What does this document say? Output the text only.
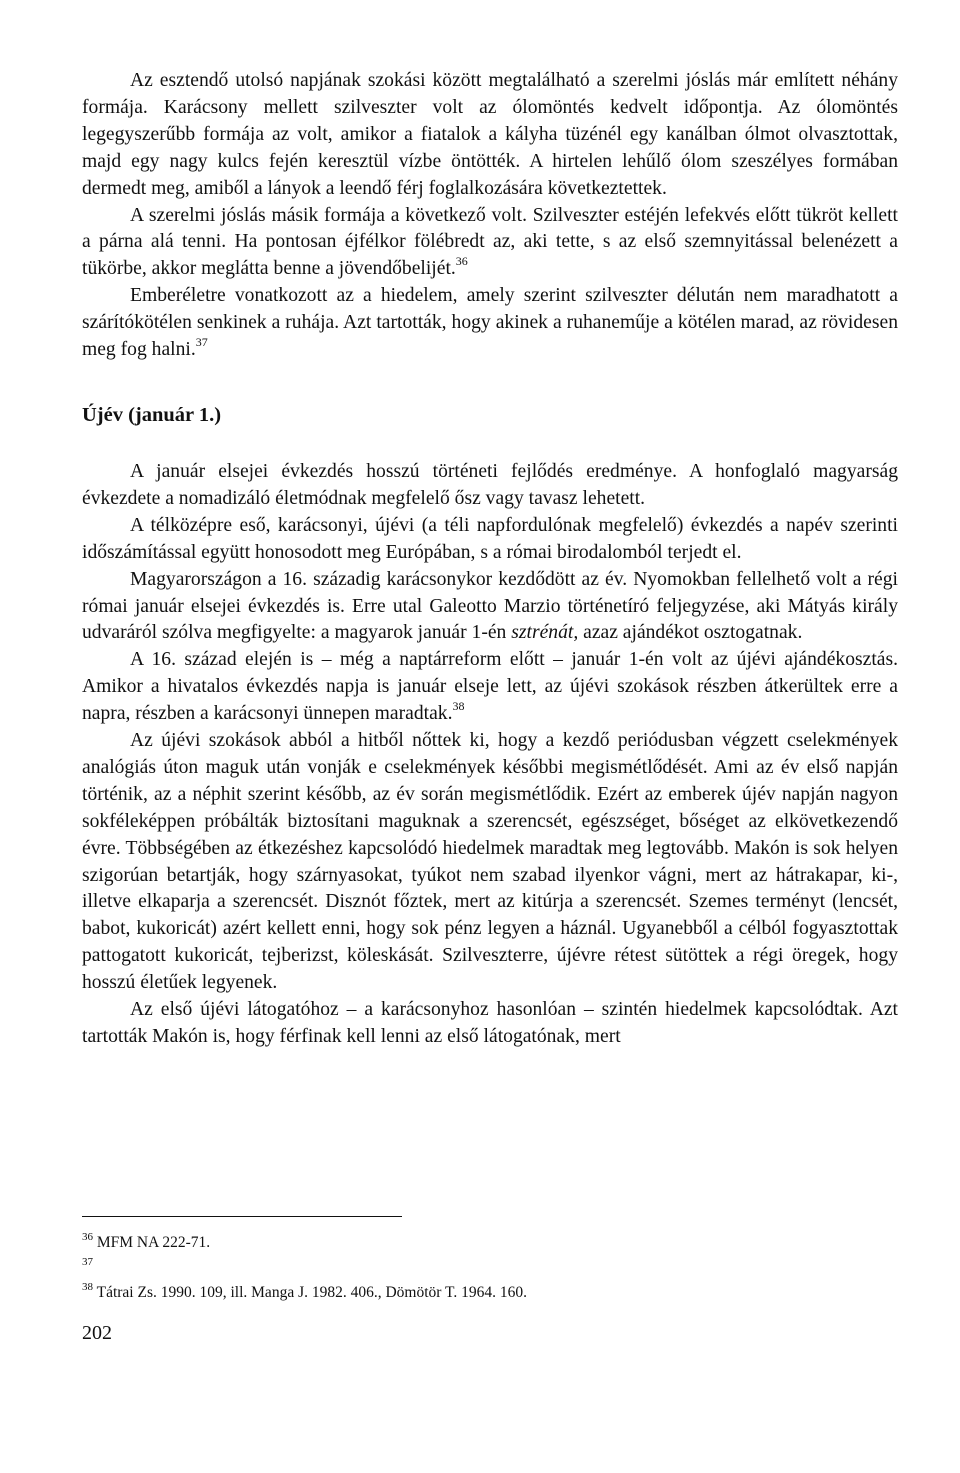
Az esztendő utolsó napjának szokási között megtalálható a szerelmi jóslás már említett néhány formája. Karácsony mellett szilveszter volt az ólomöntés kedvelt időpontja. Az ólomöntés legegyszerűbb formája az volt, amikor a fiatalok a kályha tüzénél egy kanálban ólmot olvasztottak, majd egy nagy kulcs fején keresztül vízbe öntötték. A hirtelen lehűlő ólom szeszélyes formában dermedt meg, amiből a lányok a leendő férj foglalkozására következtettek.

A szerelmi jóslás másik formája a következő volt. Szilveszter estéjén lefekvés előtt tükröt kellett a párna alá tenni. Ha pontosan éjfélkor fölébredt az, aki tette, s az első szemnyitással belenézett a tükörbe, akkor meglátta benne a jövendőbelijét.$^{36}$

Emberéletre vonatkozott az a hiedelem, amely szerint szilveszter délután nem maradhatott a szárítókötélen senkinek a ruhája. Azt tartották, hogy akinek a ruhaneműje a kötélen marad, az rövidesen meg fog halni.$^{37}$

Újév (január 1.)

A január elsejei évkezdés hosszú történeti fejlődés eredménye. A honfoglaló magyarság évkezdete a nomadizáló életmódnak megfelelő ősz vagy tavasz lehetett.

A télközépre eső, karácsonyi, újévi (a téli napfordulónak megfelelő) évkezdés a napév szerinti időszámítással együtt honosodott meg Európában, s a római birodalomból terjedt el.

Magyarországon a 16. századig karácsonykor kezdődött az év. Nyomokban fellelhető volt a régi római január elsejei évkezdés is. Erre utal Galeotto Marzio történetíró feljegyzése, aki Mátyás király udvaráról szólva megfigyelte: a magyarok január 1-én sztrénát, azaz ajándékot osztogatnak.

A 16. század elején is – még a naptárreform előtt – január 1-én volt az újévi ajándékosztás. Amikor a hivatalos évkezdés napja is január elseje lett, az újévi szokások részben átkerültek erre a napra, részben a karácsonyi ünnepen maradtak.$^{38}$

Az újévi szokások abból a hitből nőttek ki, hogy a kezdő periódusban végzett cselekmények analógiás úton maguk után vonják e cselekmények későbbi megismétlődését. Ami az év első napján történik, az a néphit szerint később, az év során megismétlődik. Ezért az emberek újév napján nagyon sokféleképpen próbálták biztosítani maguknak a szerencsét, egészséget, bőséget az elkövetkezendő évre. Többségében az étkezéshez kapcsolódó hiedelmek maradtak meg legtovább. Makón is sok helyen szigorúan betartják, hogy szárnyasokat, tyúkot nem szabad ilyenkor vágni, mert az hátrakapar, ki-, illetve elkaparja a szerencsét. Disznót főztek, mert az kitúrja a szerencsét. Szemes terményt (lencsét, babot, kukoricát) azért kellett enni, hogy sok pénz legyen a háznál. Ugyanebből a célból fogyasztottak pattogatott kukoricát, tejberizst, köleskását. Szilveszterre, újévre rétest sütöttek a régi öregek, hogy hosszú életűek legyenek.

Az első újévi látogatóhoz – a karácsonyhoz hasonlóan – szintén hiedelmek kapcsolódtak. Azt tartották Makón is, hogy férfinak kell lenni az első látogatónak, mert

$^{36}$ MFM NA 222-71.

$^{37}$

$^{38}$ Tátrai Zs. 1990. 109, ill. Manga J. 1982. 406., Dömötör T. 1964. 160.

202
